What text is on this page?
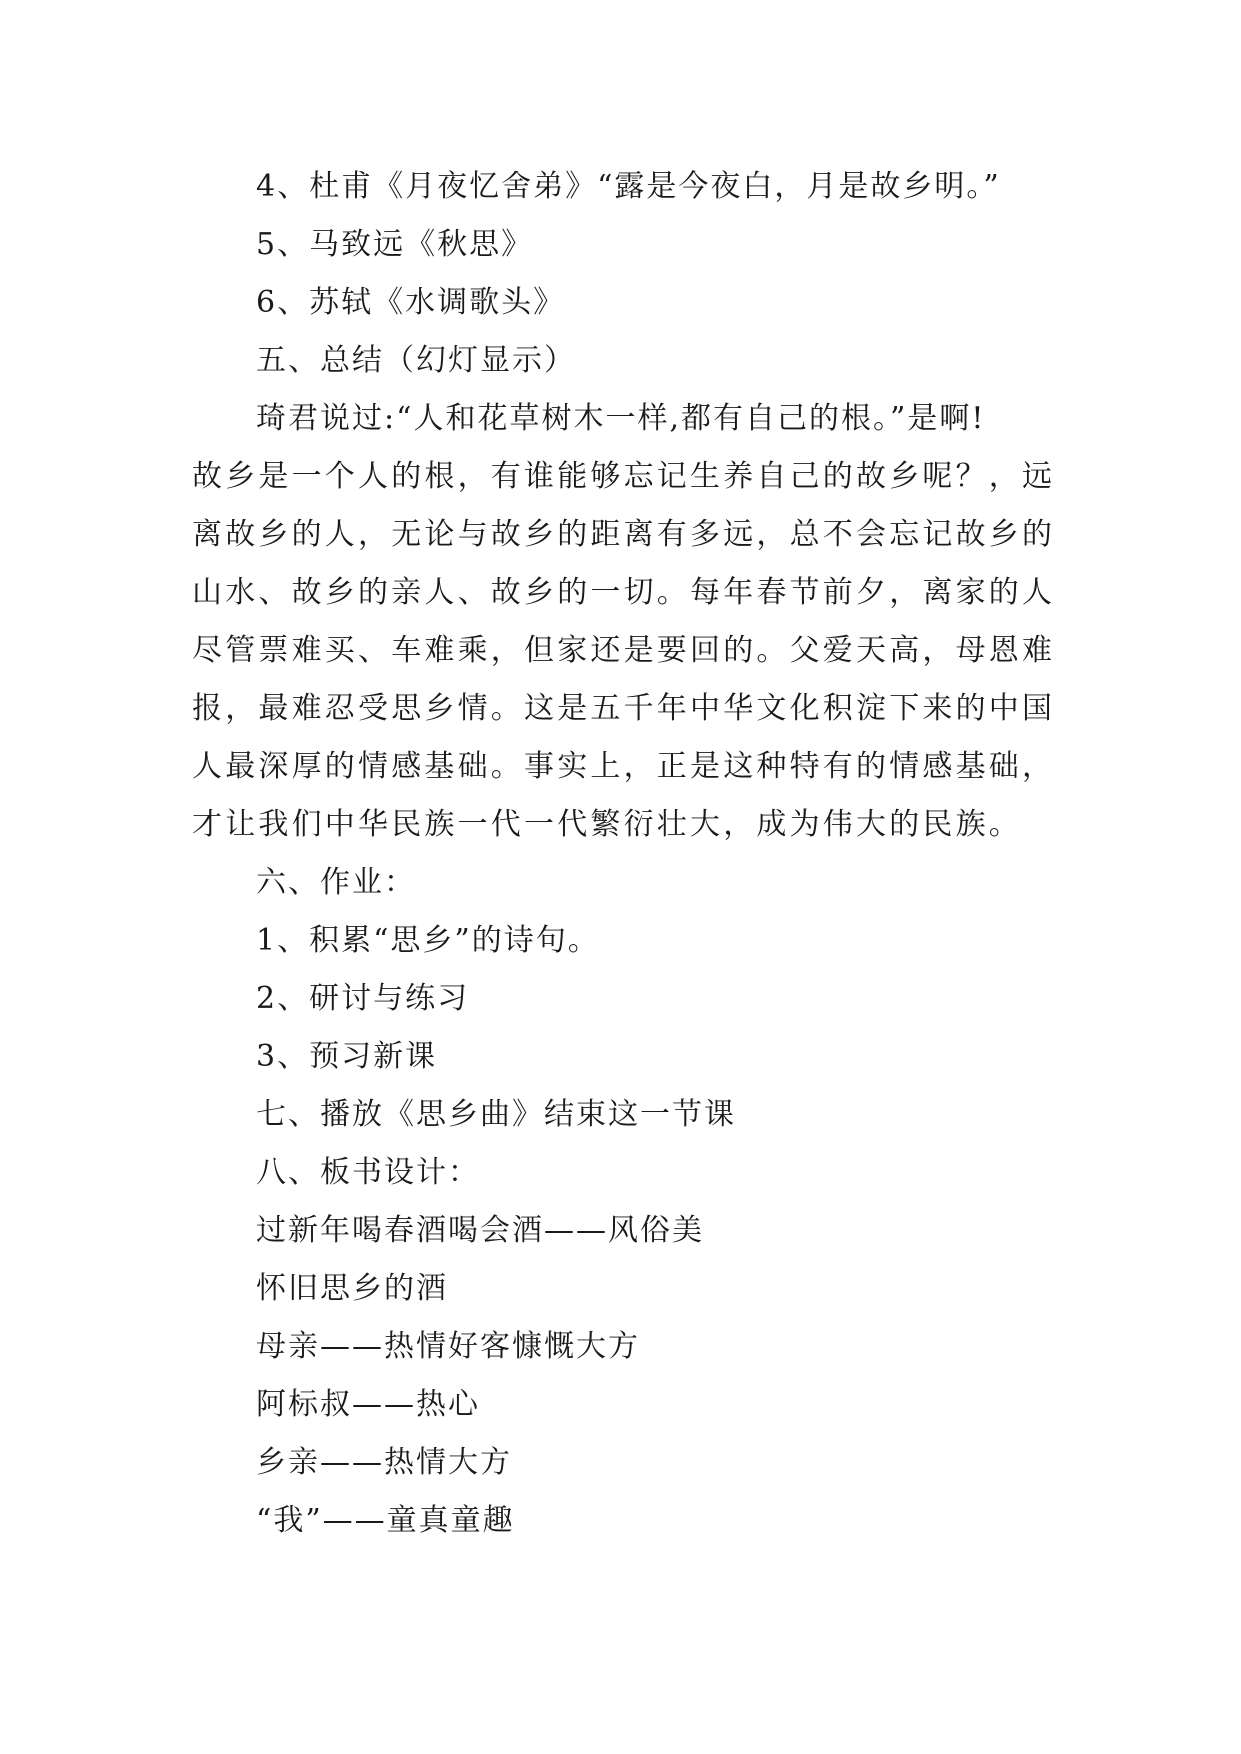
4、杜甫《月夜忆舍弟》“露是今夜白，月是故乡明。”
5、马致远《秋思》
6、苏轼《水调歌头》
五、总结（幻灯显示）
琦君说过:“人和花草树木一样,都有自己的根。”是啊!
故乡是一个人的根，有谁能够忘记生养自己的故乡呢？，远
离故乡的人，无论与故乡的距离有多远，总不会忘记故乡的
山水、故乡的亲人、故乡的一切。每年春节前夕，离家的人
尽管票难买、车难乘，但家还是要回的。父爱天高，母恩难
报，最难忍受思乡情。这是五千年中华文化积淀下来的中国
人最深厚的情感基础。事实上，正是这种特有的情感基础，
才让我们中华民族一代一代繁衍壮大，成为伟大的民族。
六、作业：
1、积累“思乡”的诗句。
2、研讨与练习
3、预习新课
七、播放《思乡曲》结束这一节课
八、板书设计：
过新年喝春酒喝会酒——风俗美
怀旧思乡的酒
母亲——热情好客慷慨大方
阿标叔——热心
乡亲——热情大方
“我”——童真童趣
